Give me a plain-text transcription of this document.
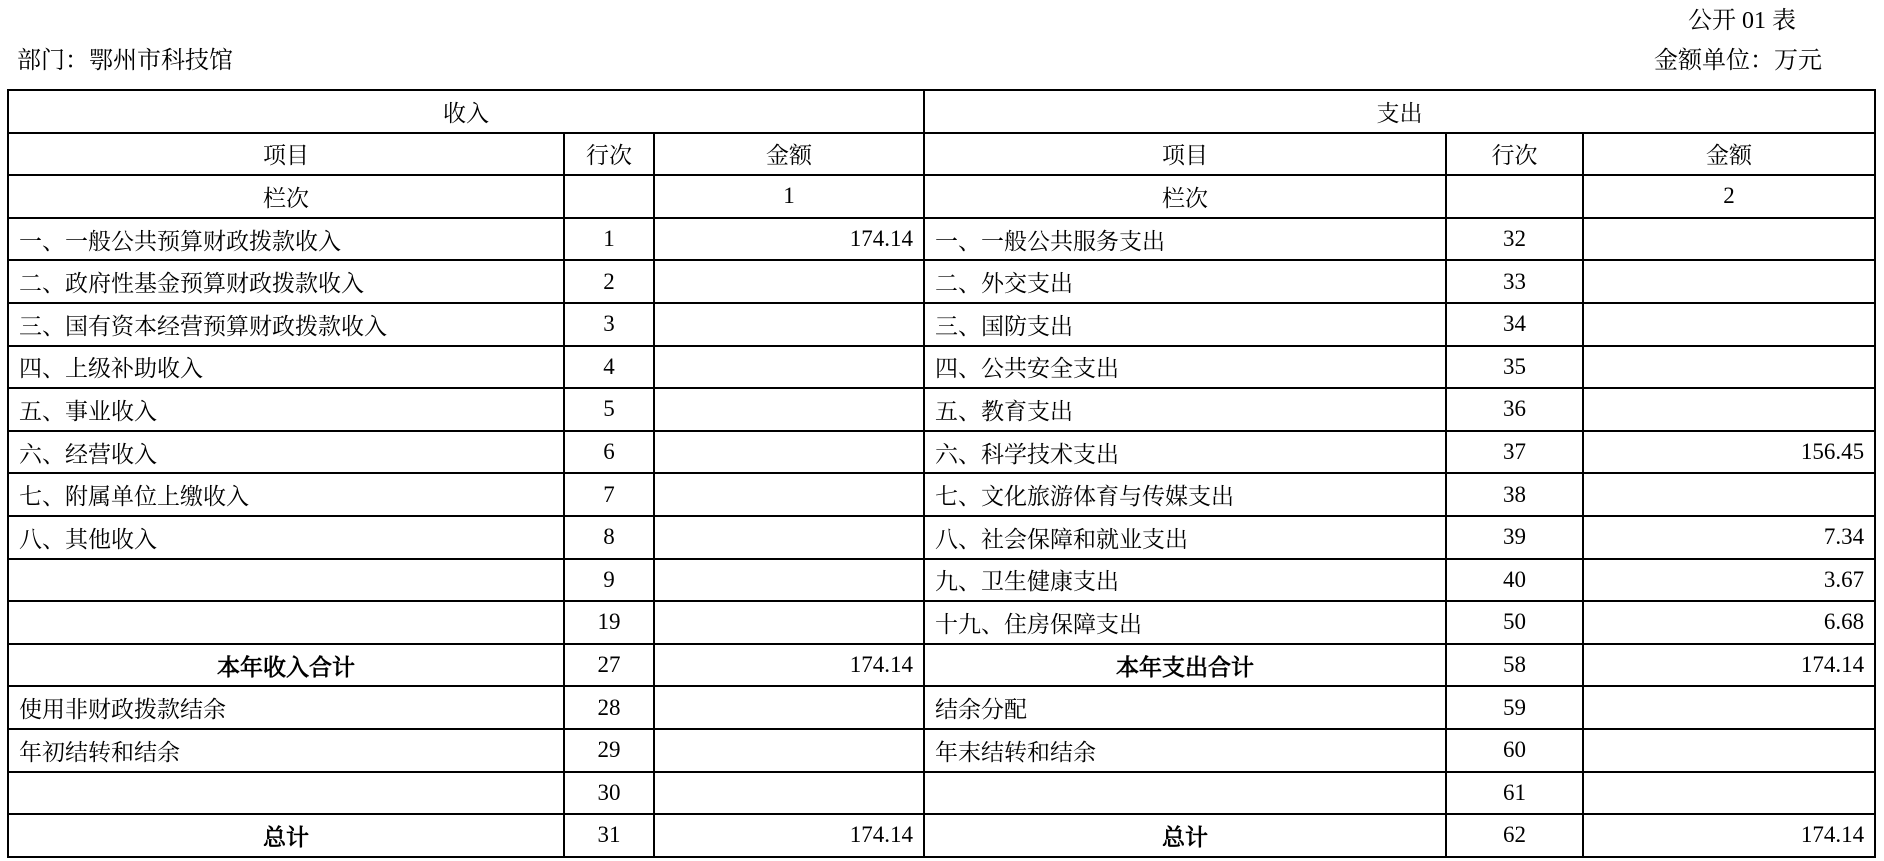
公开 01 表
部门：鄂州市科技馆	金额单位：万元
收入			支出		
项目	行次	金额	项目	行次	金额
栏次		1	栏次		2
一、一般公共预算财政拨款收入	1	174.14	一、一般公共服务支出	32	
二、政府性基金预算财政拨款收入	2		二、外交支出	33	
三、国有资本经营预算财政拨款收入	3		三、国防支出	34	
四、上级补助收入	4		四、公共安全支出	35	
五、事业收入	5		五、教育支出	36	
六、经营收入	6		六、科学技术支出	37	156.45
七、附属单位上缴收入	7		七、文化旅游体育与传媒支出	38	
八、其他收入	8		八、社会保障和就业支出	39	7.34
	9		九、卫生健康支出	40	3.67
	19		十九、住房保障支出	50	6.68
本年收入合计	27	174.14	本年支出合计	58	174.14
使用非财政拨款结余	28		结余分配	59	
年初结转和结余	29		年末结转和结余	60	
	30			61	
总计	31	174.14	总计	62	174.14
